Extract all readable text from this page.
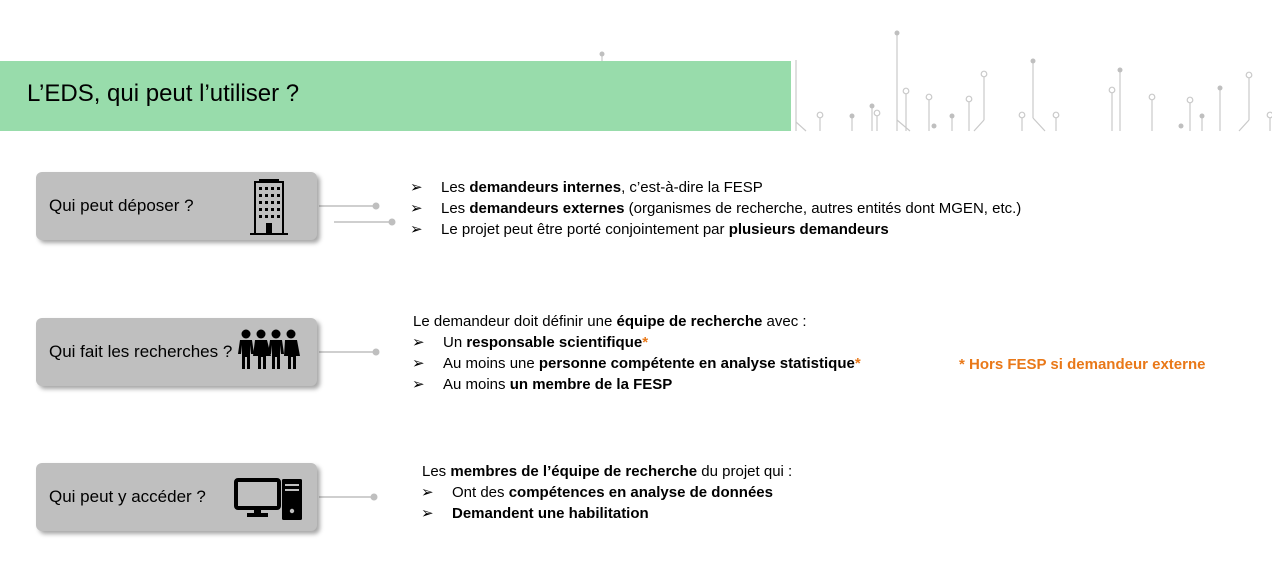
L’EDS, qui peut l’utiliser ?
Qui peut déposer ?
Qui fait les recherches ?
Qui peut y accéder ?
➢ Les demandeurs internes, c’est-à-dire la FESP
➢ Les demandeurs externes (organismes de recherche, autres entités dont MGEN, etc.)
➢ Le projet peut être porté conjointement par plusieurs demandeurs
Le demandeur doit définir une équipe de recherche avec :
➢ Un responsable scientifique*
➢ Au moins une personne compétente en analyse statistique*
➢ Au moins un membre de la FESP
* Hors FESP si demandeur externe
Les membres de l’équipe de recherche du projet qui :
➢ Ont des compétences en analyse de données
➢ Demandent une habilitation
